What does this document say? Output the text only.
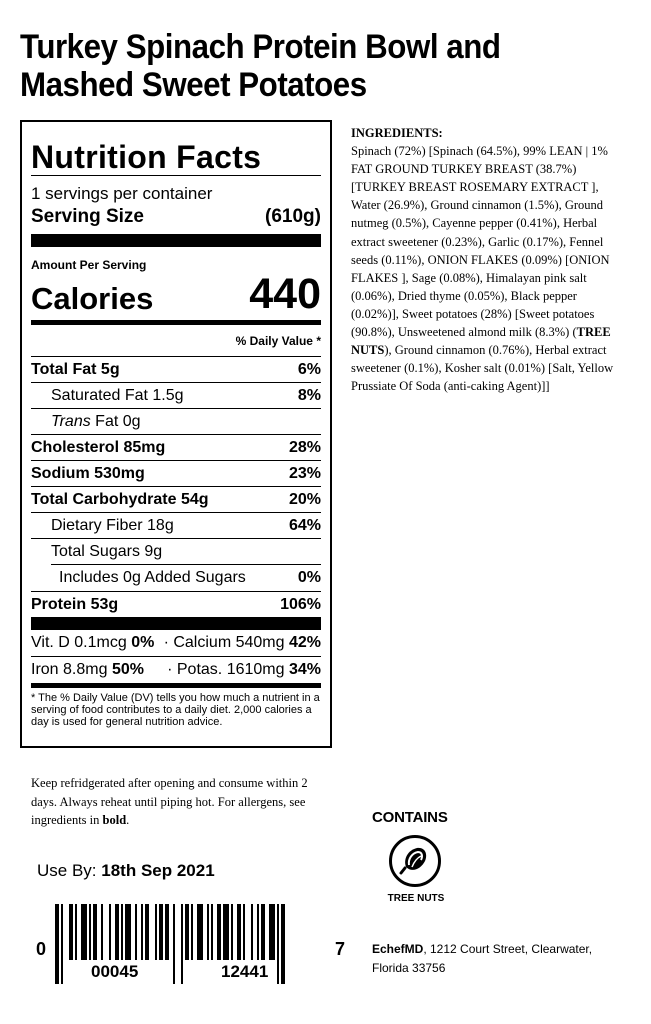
Turkey Spinach Protein Bowl and Mashed Sweet Potatoes
Nutrition Facts
1 servings per container
Serving Size	(610g)
Amount Per Serving
Calories 440
% Daily Value *
Total Fat 5g	6%
Saturated Fat 1.5g	8%
Trans Fat 0g
Cholesterol 85mg	28%
Sodium 530mg	23%
Total Carbohydrate 54g	20%
Dietary Fiber 18g	64%
Total Sugars 9g
Includes 0g Added Sugars	0%
Protein 53g	106%
Vit. D 0.1mcg 0% · Calcium 540mg 42%
Iron 8.8mg 50% · Potas. 1610mg 34%
* The % Daily Value (DV) tells you how much a nutrient in a serving of food contributes to a daily diet. 2,000 calories a day is used for general nutrition advice.
INGREDIENTS:
Spinach (72%) [Spinach (64.5%), 99% LEAN | 1% FAT GROUND TURKEY BREAST (38.7%) [TURKEY BREAST ROSEMARY EXTRACT ], Water (26.9%), Ground cinnamon (1.5%), Ground nutmeg (0.5%), Cayenne pepper (0.41%), Herbal extract sweetener (0.23%), Garlic (0.17%), Fennel seeds (0.11%), ONION FLAKES (0.09%) [ONION FLAKES ], Sage (0.08%), Himalayan pink salt (0.06%), Dried thyme (0.05%), Black pepper (0.02%)], Sweet potatoes (28%) [Sweet potatoes (90.8%), Unsweetened almond milk (8.3%) (TREE NUTS), Ground cinnamon (0.76%), Herbal extract sweetener (0.1%), Kosher salt (0.01%) [Salt, Yellow Prussiate Of Soda (anti-caking Agent)]]
Keep refridgerated after opening and consume within 2 days. Always reheat until piping hot. For allergens, see ingredients in bold.	CONTAINS
TREE NUTS
Use By: 18th Sep 2021
0
00045	12441
7 EchefMD, 1212 Court Street, Clearwater, Florida 33756
